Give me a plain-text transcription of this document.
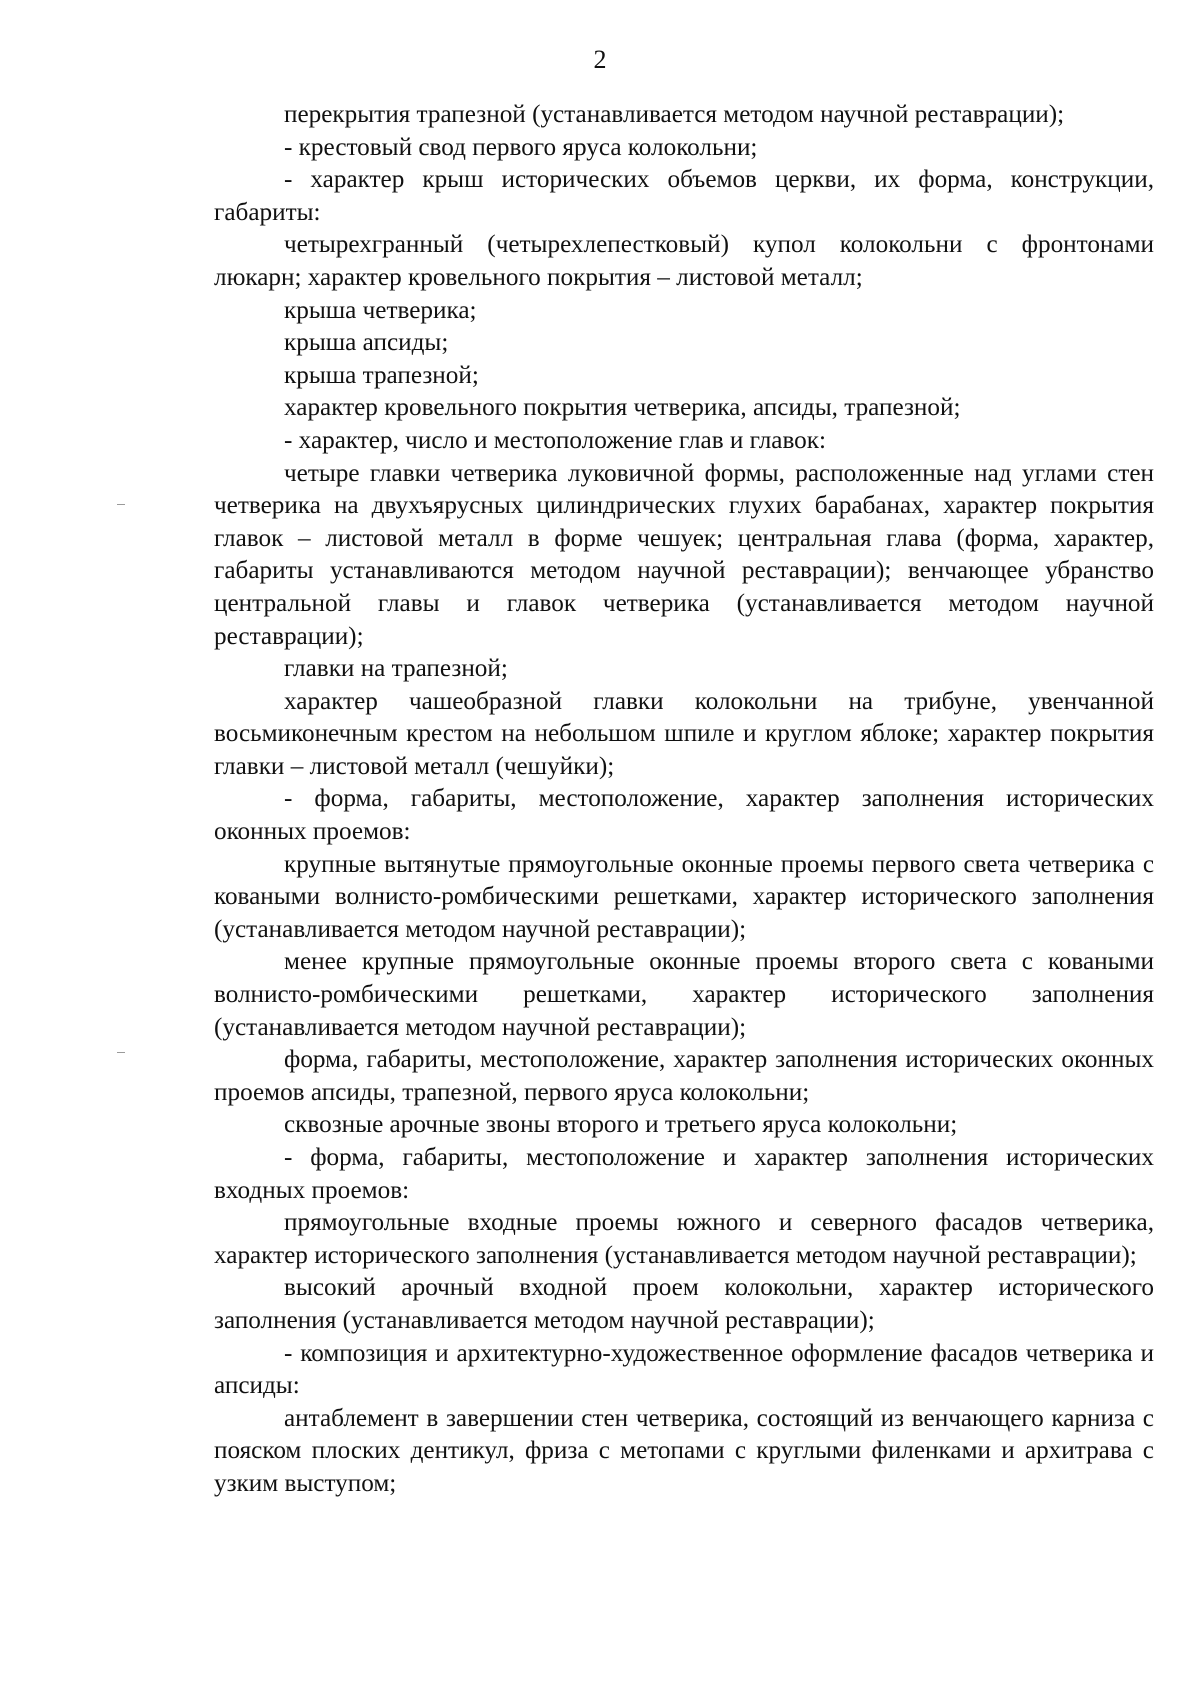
2

перекрытия трапезной (устанавливается методом научной реставрации);

- крестовый свод первого яруса колокольни;

- характер крыш исторических объемов церкви, их форма, конструкции, габариты:

четырехгранный (четырехлепестковый) купол колокольни с фронтонами люкарн; характер кровельного покрытия – листовой металл;

крыша четверика;

крыша апсиды;

крыша трапезной;

характер кровельного покрытия четверика, апсиды, трапезной;

- характер, число и местоположение глав и главок:

четыре главки четверика луковичной формы, расположенные над углами стен четверика на двухъярусных цилиндрических глухих барабанах, характер покрытия главок – листовой металл в форме чешуек; центральная глава (форма, характер, габариты устанавливаются методом научной реставрации); венчающее убранство центральной главы и главок четверика (устанавливается методом научной реставрации);

главки на трапезной;

характер чашеобразной главки колокольни на трибуне, увенчанной восьмиконечным крестом на небольшом шпиле и круглом яблоке; характер покрытия главки – листовой металл (чешуйки);

- форма, габариты, местоположение, характер заполнения исторических оконных проемов:

крупные вытянутые прямоугольные оконные проемы первого света четверика с коваными волнисто-ромбическими решетками, характер исторического заполнения (устанавливается методом научной реставрации);

менее крупные прямоугольные оконные проемы второго света с коваными волнисто-ромбическими решетками, характер исторического заполнения (устанавливается методом научной реставрации);

форма, габариты, местоположение, характер заполнения исторических оконных проемов апсиды, трапезной, первого яруса колокольни;

сквозные арочные звоны второго и третьего яруса колокольни;

- форма, габариты, местоположение и характер заполнения исторических входных проемов:

прямоугольные входные проемы южного и северного фасадов четверика, характер исторического заполнения (устанавливается методом научной реставрации);

высокий арочный входной проем колокольни, характер исторического заполнения (устанавливается методом научной реставрации);

- композиция и архитектурно-художественное оформление фасадов четверика и апсиды:

антаблемент в завершении стен четверика, состоящий из венчающего карниза с пояском плоских дентикул, фриза с метопами с круглыми филенками и архитрава с узким выступом;
